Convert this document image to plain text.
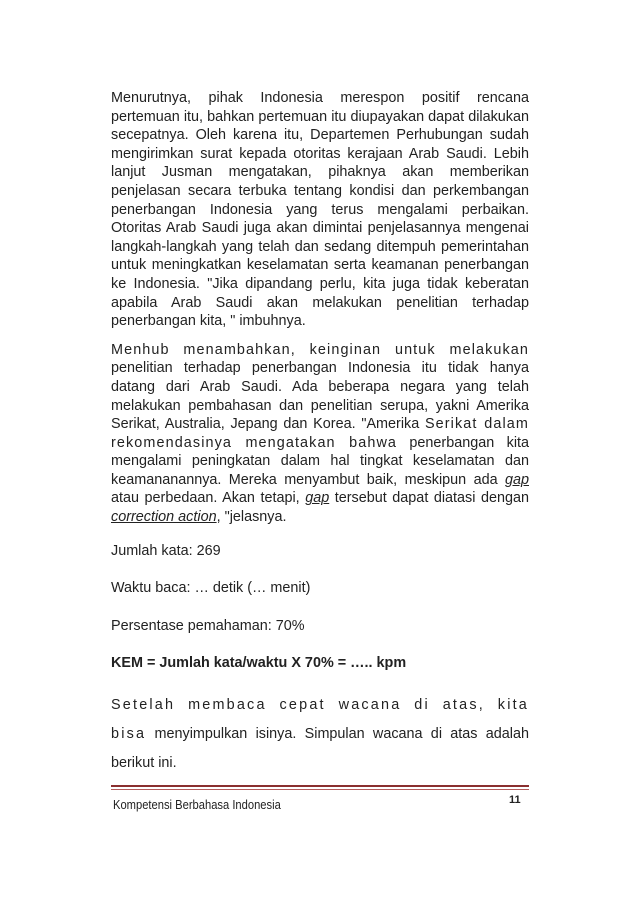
Menurutnya, pihak Indonesia merespon positif rencana pertemuan itu, bahkan pertemuan itu diupayakan dapat dilakukan secepatnya. Oleh karena itu, Departemen Perhubungan sudah mengirimkan surat kepada otoritas kerajaan Arab Saudi. Lebih lanjut Jusman mengatakan, pihaknya akan memberikan penjelasan secara terbuka tentang kondisi dan perkembangan penerbangan Indonesia yang terus mengalami perbaikan. Otoritas Arab Saudi juga akan dimintai penjelasannya mengenai langkah-langkah yang telah dan sedang ditempuh pemerintahan untuk meningkatkan keselamatan serta keamanan penerbangan ke Indonesia. "Jika dipandang perlu, kita juga tidak keberatan apabila Arab Saudi akan melakukan penelitian terhadap penerbangan kita, " imbuhnya.

Menhub menambahkan, keinginan untuk melakukan penelitian terhadap penerbangan Indonesia itu tidak hanya datang dari Arab Saudi. Ada beberapa negara yang telah melakukan pembahasan dan penelitian serupa, yakni Amerika Serikat, Australia, Jepang dan Korea. "Amerika Serikat dalam rekomendasinya mengatakan bahwa penerbangan kita mengalami peningkatan dalam hal tingkat keselamatan dan keamananannya. Mereka menyambut baik, meskipun ada gap atau perbedaan. Akan tetapi, gap tersebut dapat diatasi dengan correction action, "jelasnya.

Jumlah kata: 269

Waktu baca: … detik (… menit)

Persentase pemahaman: 70%

KEM = Jumlah kata/waktu X 70% = ….. kpm

Setelah membaca cepat wacana di atas, kita bisa menyimpulkan isinya. Simpulan wacana di atas adalah berikut ini.

Kompetensi Berbahasa Indonesia	11
